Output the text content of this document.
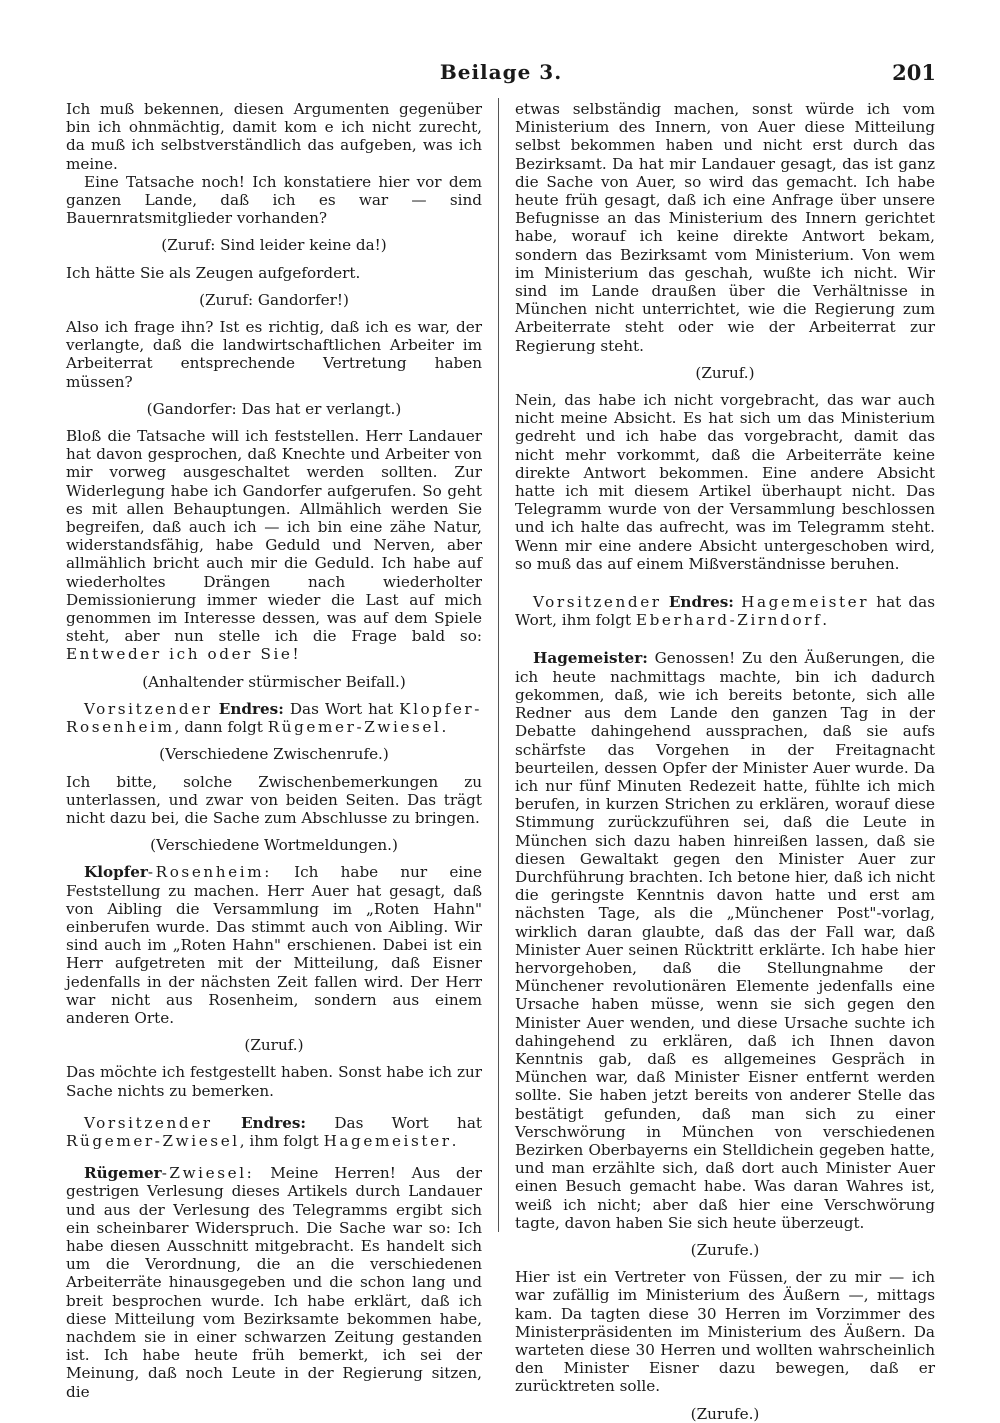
Beilage 3.	201

Ich muß bekennen, diesen Argumenten gegenüber bin ich ohnmächtig, damit kom e ich nicht zurecht, da muß ich selbstverständlich das aufgeben, was ich meine.

Eine Tatsache noch! Ich konstatiere hier vor dem ganzen Lande, daß ich es war — sind Bauernratsmitglieder vorhanden?

(Zuruf: Sind leider keine da!)

Ich hätte Sie als Zeugen aufgefordert.

(Zuruf: Gandorfer!)

Also ich frage ihn? Ist es richtig, daß ich es war, der verlangte, daß die landwirtschaftlichen Arbeiter im Arbeiterrat entsprechende Vertretung haben müssen?

(Gandorfer: Das hat er verlangt.)

Bloß die Tatsache will ich feststellen. Herr Landauer hat davon gesprochen, daß Knechte und Arbeiter von mir vorweg ausgeschaltet werden sollten. Zur Widerlegung habe ich Gandorfer aufgerufen. So geht es mit allen Behauptungen. Allmählich werden Sie begreifen, daß auch ich — ich bin eine zähe Natur, widerstandsfähig, habe Geduld und Nerven, aber allmählich bricht auch mir die Geduld. Ich habe auf wiederholtes Drängen nach wiederholter Demissionierung immer wieder die Last auf mich genommen im Interesse dessen, was auf dem Spiele steht, aber nun stelle ich die Frage bald so: Entweder ich oder Sie!

(Anhaltender stürmischer Beifall.)

Vorsitzender Endres: Das Wort hat Klopfer-Rosenheim, dann folgt Rügemer-Zwiesel.

(Verschiedene Zwischenrufe.)

Ich bitte, solche Zwischenbemerkungen zu unterlassen, und zwar von beiden Seiten. Das trägt nicht dazu bei, die Sache zum Abschlusse zu bringen.

(Verschiedene Wortmeldungen.)

Klopfer-Rosenheim: Ich habe nur eine Feststellung zu machen. Herr Auer hat gesagt, daß von Aibling die Versammlung im „Roten Hahn" einberufen wurde. Das stimmt auch von Aibling. Wir sind auch im „Roten Hahn" erschienen. Dabei ist ein Herr aufgetreten mit der Mitteilung, daß Eisner jedenfalls in der nächsten Zeit fallen wird. Der Herr war nicht aus Rosenheim, sondern aus einem anderen Orte.

(Zuruf.)

Das möchte ich festgestellt haben. Sonst habe ich zur Sache nichts zu bemerken.

Vorsitzender Endres: Das Wort hat Rügemer-Zwiesel, ihm folgt Hagemeister.

Rügemer-Zwiesel: Meine Herren! Aus der gestrigen Verlesung dieses Artikels durch Landauer und aus der Verlesung des Telegramms ergibt sich ein scheinbarer Widerspruch. Die Sache war so: Ich habe diesen Ausschnitt mitgebracht. Es handelt sich um die Verordnung, die an die verschiedenen Arbeiterräte hinausgegeben und die schon lang und breit besprochen wurde. Ich habe erklärt, daß ich diese Mitteilung vom Bezirksamte bekommen habe, nachdem sie in einer schwarzen Zeitung gestanden ist. Ich habe heute früh bemerkt, ich sei der Meinung, daß noch Leute in der Regierung sitzen, die

etwas selbständig machen, sonst würde ich vom Ministerium des Innern, von Auer diese Mitteilung selbst bekommen haben und nicht erst durch das Bezirksamt. Da hat mir Landauer gesagt, das ist ganz die Sache von Auer, so wird das gemacht. Ich habe heute früh gesagt, daß ich eine Anfrage über unsere Befugnisse an das Ministerium des Innern gerichtet habe, worauf ich keine direkte Antwort bekam, sondern das Bezirksamt vom Ministerium. Von wem im Ministerium das geschah, wußte ich nicht. Wir sind im Lande draußen über die Verhältnisse in München nicht unterrichtet, wie die Regierung zum Arbeiterrate steht oder wie der Arbeiterrat zur Regierung steht.

(Zuruf.)

Nein, das habe ich nicht vorgebracht, das war auch nicht meine Absicht. Es hat sich um das Ministerium gedreht und ich habe das vorgebracht, damit das nicht mehr vorkommt, daß die Arbeiterräte keine direkte Antwort bekommen. Eine andere Absicht hatte ich mit diesem Artikel überhaupt nicht. Das Telegramm wurde von der Versammlung beschlossen und ich halte das aufrecht, was im Telegramm steht. Wenn mir eine andere Absicht untergeschoben wird, so muß das auf einem Mißverständnisse beruhen.

Vorsitzender Endres: Hagemeister hat das Wort, ihm folgt Eberhard-Zirndorf.

Hagemeister: Genossen! Zu den Äußerungen, die ich heute nachmittags machte, bin ich dadurch gekommen, daß, wie ich bereits betonte, sich alle Redner aus dem Lande den ganzen Tag in der Debatte dahingehend aussprachen, daß sie aufs schärfste das Vorgehen in der Freitagnacht beurteilen, dessen Opfer der Minister Auer wurde. Da ich nur fünf Minuten Redezeit hatte, fühlte ich mich berufen, in kurzen Strichen zu erklären, worauf diese Stimmung zurückzuführen sei, daß die Leute in München sich dazu haben hinreißen lassen, daß sie diesen Gewaltakt gegen den Minister Auer zur Durchführung brachten. Ich betone hier, daß ich nicht die geringste Kenntnis davon hatte und erst am nächsten Tage, als die „Münchener Post"-vorlag, wirklich daran glaubte, daß das der Fall war, daß Minister Auer seinen Rücktritt erklärte. Ich habe hier hervorgehoben, daß die Stellungnahme der Münchener revolutionären Elemente jedenfalls eine Ursache haben müsse, wenn sie sich gegen den Minister Auer wenden, und diese Ursache suchte ich dahingehend zu erklären, daß ich Ihnen davon Kenntnis gab, daß es allgemeines Gespräch in München war, daß Minister Eisner entfernt werden sollte. Sie haben jetzt bereits von anderer Stelle das bestätigt gefunden, daß man sich zu einer Verschwörung in München von verschiedenen Bezirken Oberbayerns ein Stelldichein gegeben hatte, und man erzählte sich, daß dort auch Minister Auer einen Besuch gemacht habe. Was daran Wahres ist, weiß ich nicht; aber daß hier eine Verschwörung tagte, davon haben Sie sich heute überzeugt.

(Zurufe.)

Hier ist ein Vertreter von Füssen, der zu mir — ich war zufällig im Ministerium des Äußern —, mittags kam. Da tagten diese 30 Herren im Vorzimmer des Ministerpräsidenten im Ministerium des Äußern. Da warteten diese 30 Herren und wollten wahrscheinlich den Minister Eisner dazu bewegen, daß er zurücktreten solle.

(Zurufe.)
